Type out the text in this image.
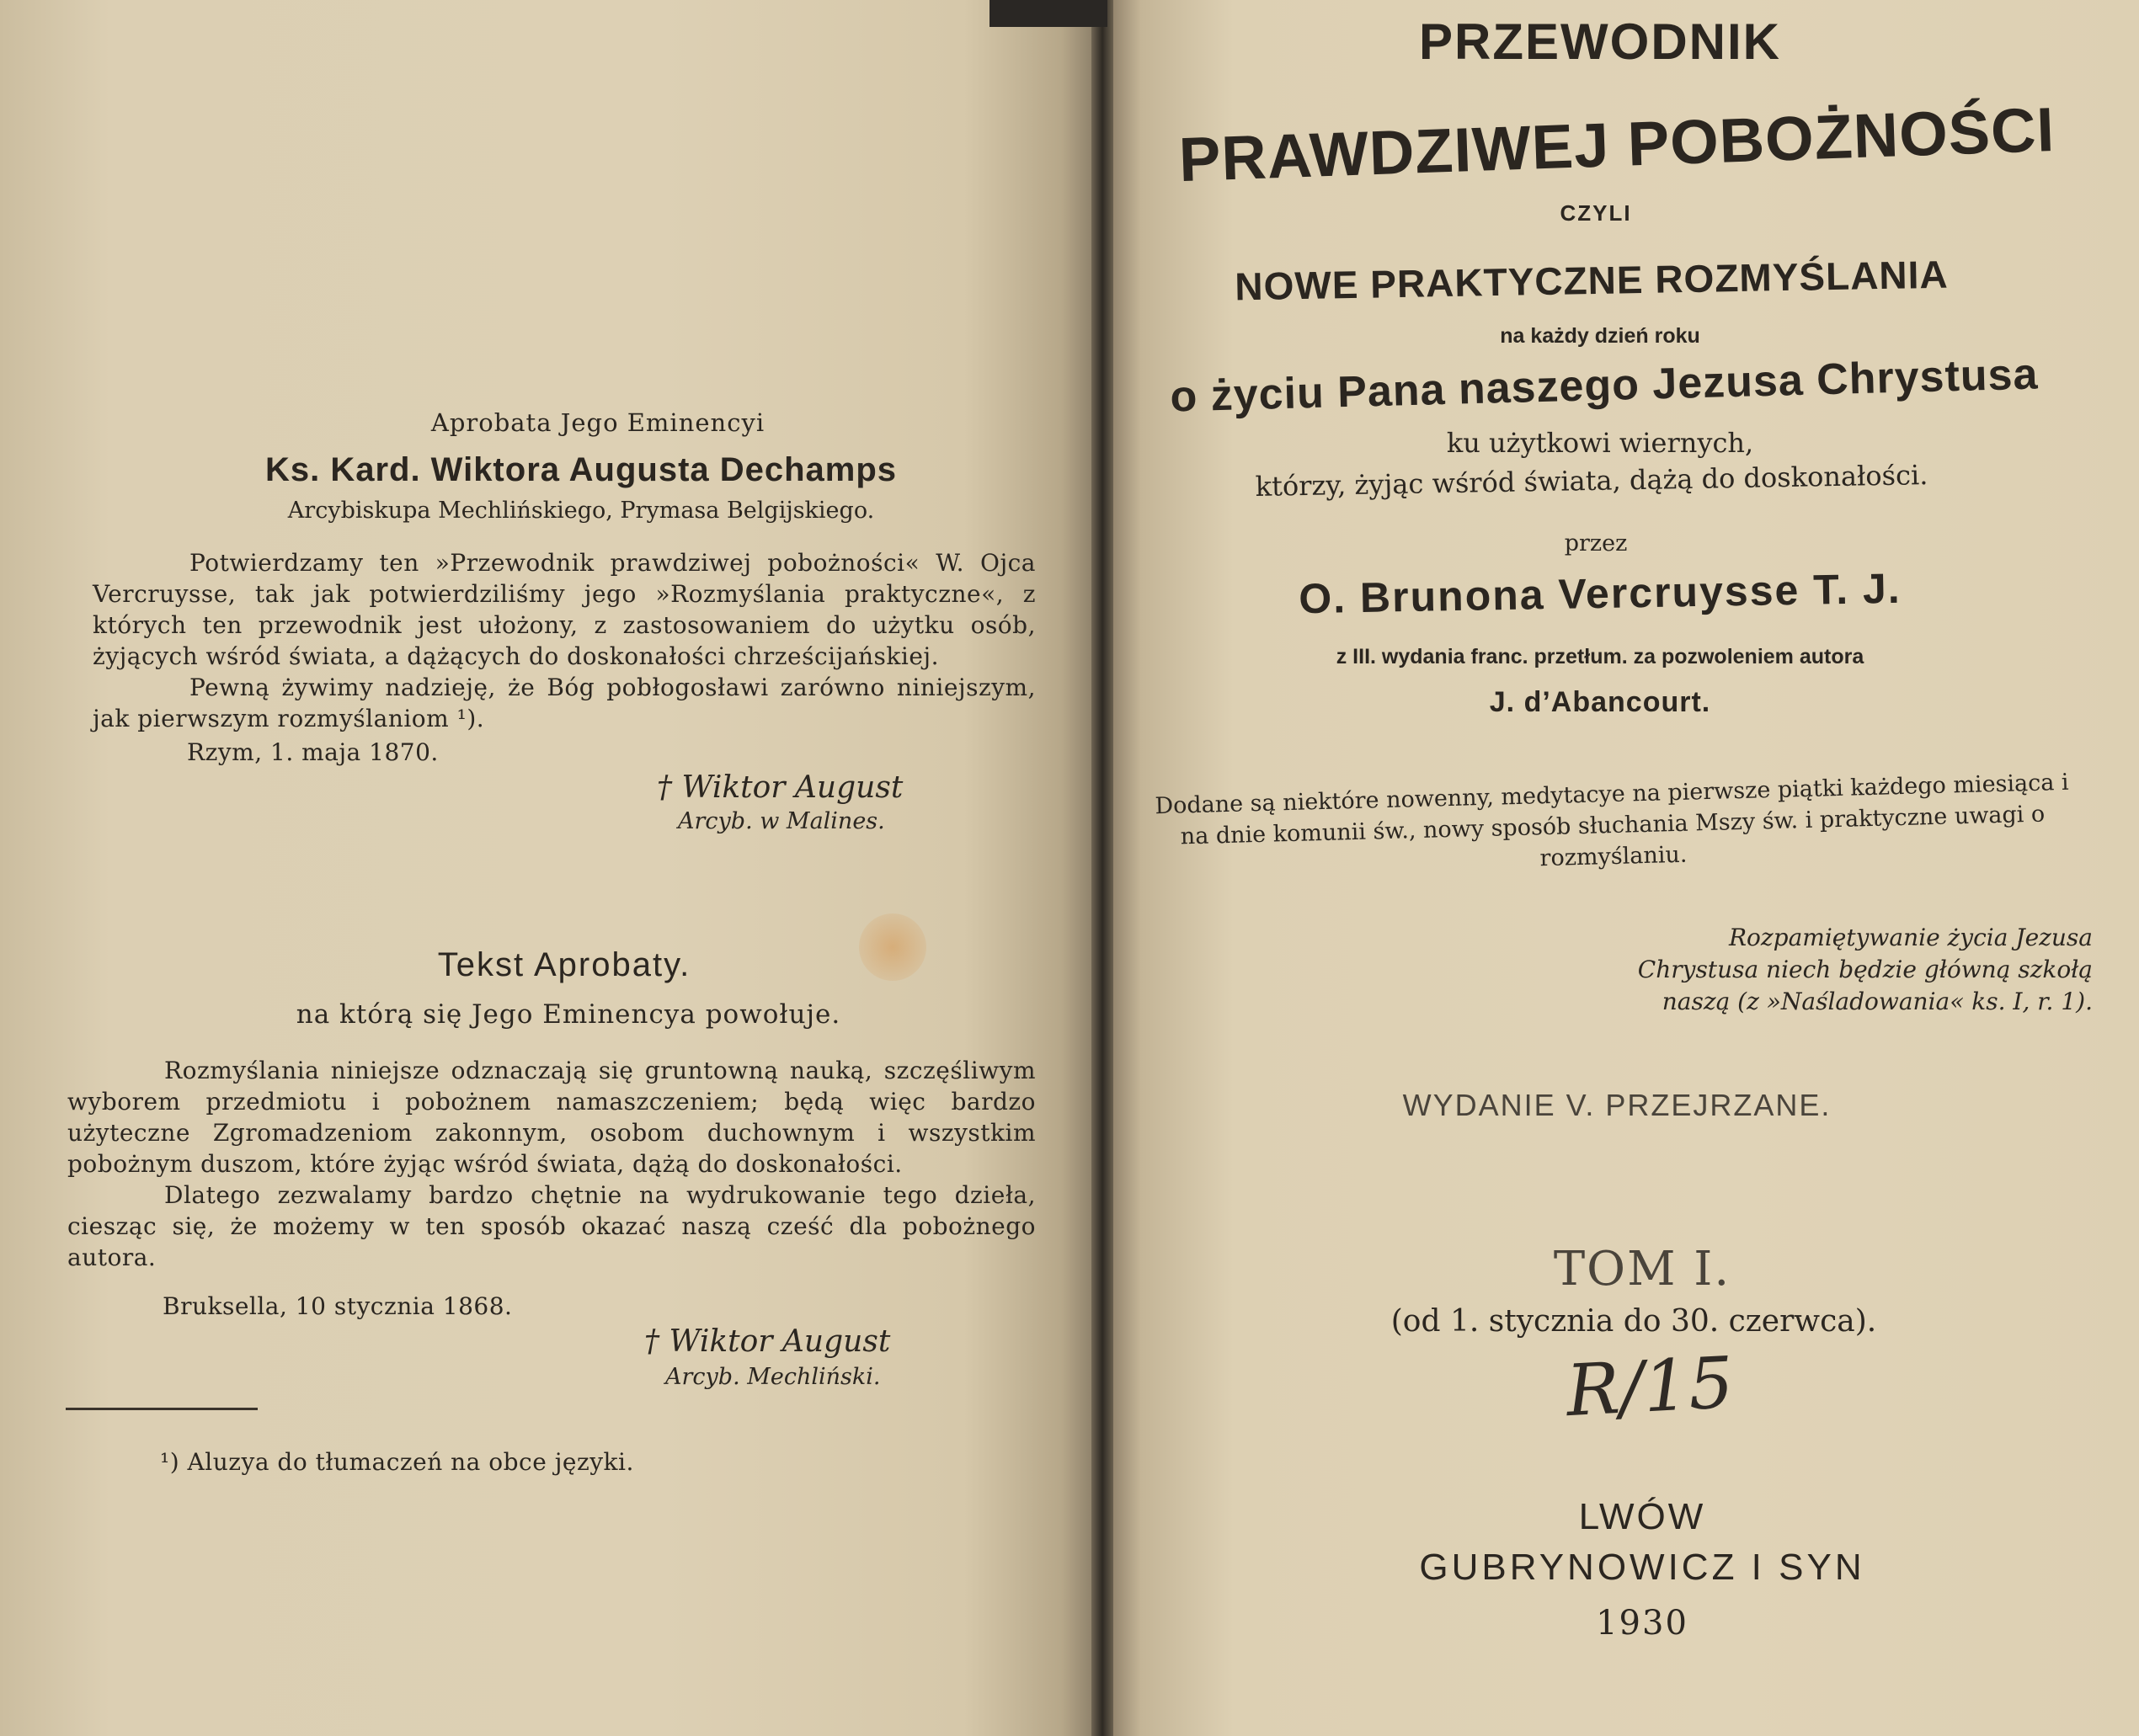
Aprobata Jego Eminencyi
Ks. Kard. Wiktora Augusta Dechamps
Arcybiskupa Mechlińskiego, Prymasa Belgijskiego.

Potwierdzamy ten »Przewodnik prawdziwej pobożności« W. Ojca Vercruysse, tak jak potwierdziliśmy jego »Rozmyślania praktyczne«, z których ten przewodnik jest ułożony, z zastosowaniem do użytku osób, żyjących wśród świata, a dążących do doskonałości chrześcijańskiej.

Pewną żywimy nadzieję, że Bóg pobłogosławi zarówno niniejszym, jak pierwszym rozmyślaniom ¹).

Rzym, 1. maja 1870.
† Wiktor August
Arcyb. w Malines.
Tekst Aprobaty.
na którą się Jego Eminencya powołuje.

Rozmyślania niniejsze odznaczają się gruntowną nauką, szczęśliwym wyborem przedmiotu i pobożnem namaszczeniem; będą więc bardzo użyteczne Zgromadzeniom zakonnym, osobom duchownym i wszystkim pobożnym duszom, które żyjąc wśród świata, dążą do doskonałości.

Dlatego zezwalamy bardzo chętnie na wydrukowanie tego dzieła, ciesząc się, że możemy w ten sposób okazać naszą cześć dla pobożnego autora.

Bruksella, 10 stycznia 1868.
† Wiktor August
Arcyb. Mechliński.
¹) Aluzya do tłumaczeń na obce języki.
PRZEWODNIK
PRAWDZIWEJ POBOŻNOŚCI
CZYLI
NOWE PRAKTYCZNE ROZMYŚLANIA
na każdy dzień roku
o życiu Pana naszego Jezusa Chrystusa
ku użytkowi wiernych,
którzy, żyjąc wśród świata, dążą do doskonałości.
przez
O. Brunona Vercruysse T. J.
z III. wydania franc. przetłum. za pozwoleniem autora
J. d’Abancourt.
Dodane są niektóre nowenny, medytacye na pierwsze piątki każdego miesiąca i na dnie komunii św., nowy sposób słuchania Mszy św. i praktyczne uwagi o rozmyślaniu.
Rozpamiętywanie życia Jezusa Chrystusa niech będzie główną szkołą naszą (z »Naśladowania« ks. I, r. 1).
WYDANIE V. PRZEJRZANE.
TOM I.
(od 1. stycznia do 30. czerwca).
R/15
LWÓW
GUBRYNOWICZ I SYN
1930
